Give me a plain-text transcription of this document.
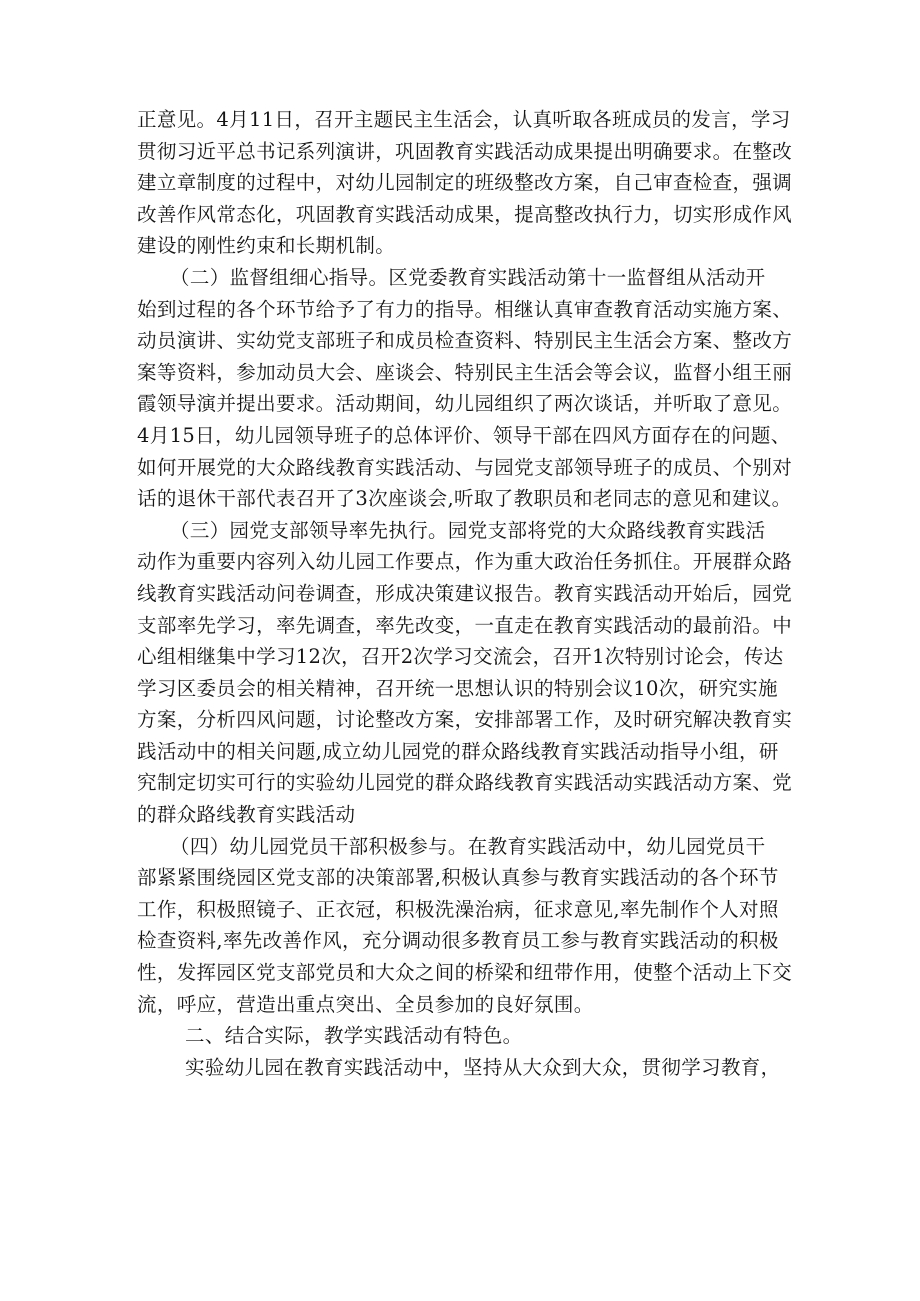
正意见。4月11日，召开主题民主生活会，认真听取各班成员的发言，学习
贯彻习近平总书记系列演讲，巩固教育实践活动成果提出明确要求。在整改
建立章制度的过程中，对幼儿园制定的班级整改方案，自己审查检查，强调
改善作风常态化，巩固教育实践活动成果，提高整改执行力，切实形成作风
建设的刚性约束和长期机制。
（二）监督组细心指导。区党委教育实践活动第十一监督组从活动开
始到过程的各个环节给予了有力的指导。相继认真审查教育活动实施方案、
动员演讲、实幼党支部班子和成员检查资料、特别民主生活会方案、整改方
案等资料，参加动员大会、座谈会、特别民主生活会等会议，监督小组王丽
霞领导演并提出要求。活动期间，幼儿园组织了两次谈话，并听取了意见。
4月15日，幼儿园领导班子的总体评价、领导干部在四风方面存在的问题、
如何开展党的大众路线教育实践活动、与园党支部领导班子的成员、个别对
话的退休干部代表召开了3次座谈会,听取了教职员和老同志的意见和建议。
（三）园党支部领导率先执行。园党支部将党的大众路线教育实践活
动作为重要内容列入幼儿园工作要点，作为重大政治任务抓住。开展群众路
线教育实践活动问卷调查，形成决策建议报告。教育实践活动开始后，园党
支部率先学习，率先调查，率先改变，一直走在教育实践活动的最前沿。中
心组相继集中学习12次，召开2次学习交流会，召开1次特别讨论会，传达
学习区委员会的相关精神，召开统一思想认识的特别会议10次，研究实施
方案，分析四风问题，讨论整改方案，安排部署工作，及时研究解决教育实
践活动中的相关问题,成立幼儿园党的群众路线教育实践活动指导小组，研
究制定切实可行的实验幼儿园党的群众路线教育实践活动实践活动方案、党
的群众路线教育实践活动
（四）幼儿园党员干部积极参与。在教育实践活动中，幼儿园党员干
部紧紧围绕园区党支部的决策部署,积极认真参与教育实践活动的各个环节
工作，积极照镜子、正衣冠，积极洗澡治病，征求意见,率先制作个人对照
检查资料,率先改善作风，充分调动很多教育员工参与教育实践活动的积极
性，发挥园区党支部党员和大众之间的桥梁和纽带作用，使整个活动上下交
流，呼应，营造出重点突出、全员参加的良好氛围。
二、结合实际，教学实践活动有特色。
实验幼儿园在教育实践活动中，坚持从大众到大众，贯彻学习教育，
